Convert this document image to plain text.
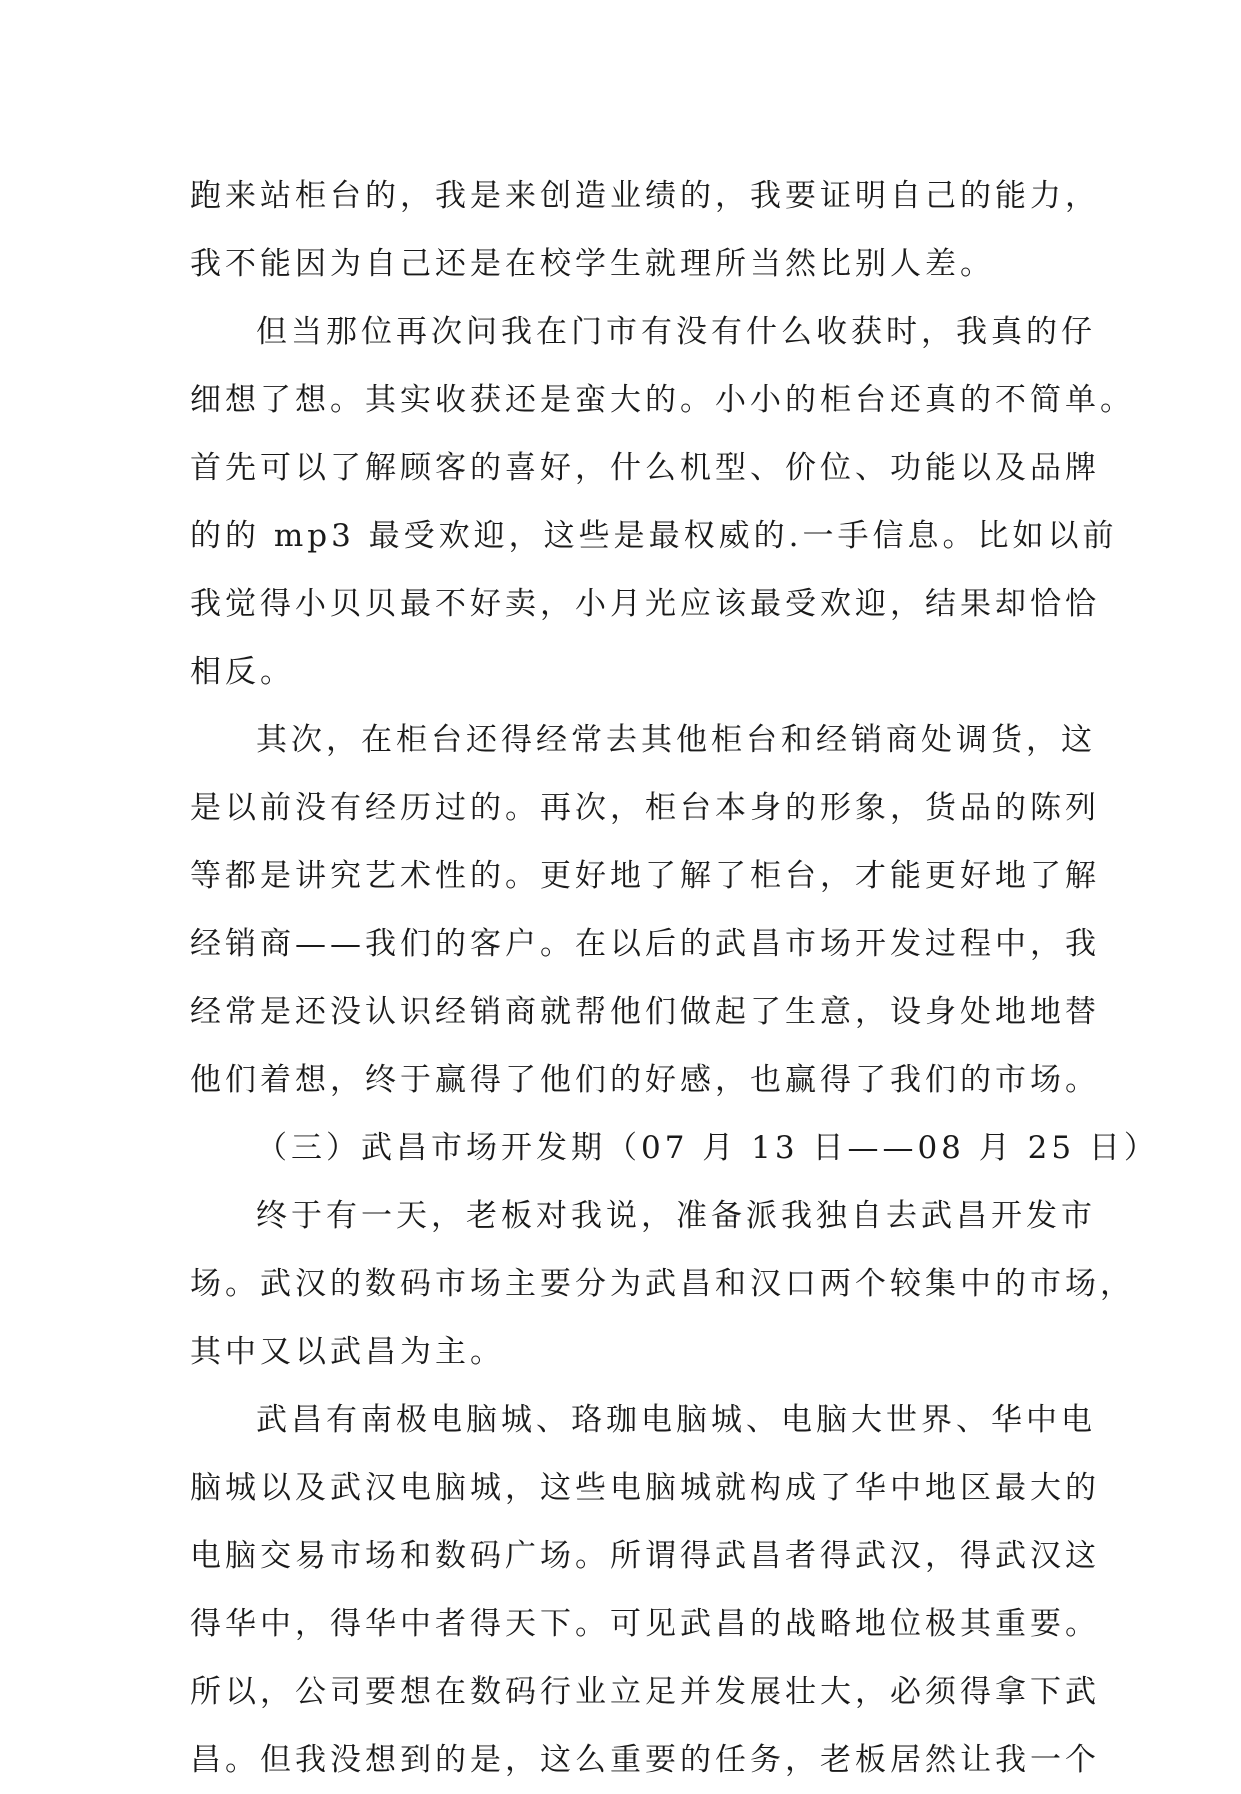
跑来站柜台的，我是来创造业绩的，我要证明自己的能力，
我不能因为自己还是在校学生就理所当然比别人差。
但当那位再次问我在门市有没有什么收获时，我真的仔
细想了想。其实收获还是蛮大的。小小的柜台还真的不简单。
首先可以了解顾客的喜好，什么机型、价位、功能以及品牌
的的 mp3 最受欢迎，这些是最权威的.一手信息。比如以前
我觉得小贝贝最不好卖，小月光应该最受欢迎，结果却恰恰
相反。
其次，在柜台还得经常去其他柜台和经销商处调货，这
是以前没有经历过的。再次，柜台本身的形象，货品的陈列
等都是讲究艺术性的。更好地了解了柜台，才能更好地了解
经销商——我们的客户。在以后的武昌市场开发过程中，我
经常是还没认识经销商就帮他们做起了生意，设身处地地替
他们着想，终于赢得了他们的好感，也赢得了我们的市场。
（三）武昌市场开发期（07 月 13 日——08 月 25 日）
终于有一天，老板对我说，准备派我独自去武昌开发市
场。武汉的数码市场主要分为武昌和汉口两个较集中的市场，
其中又以武昌为主。
武昌有南极电脑城、珞珈电脑城、电脑大世界、华中电
脑城以及武汉电脑城，这些电脑城就构成了华中地区最大的
电脑交易市场和数码广场。所谓得武昌者得武汉，得武汉这
得华中，得华中者得天下。可见武昌的战略地位极其重要。
所以，公司要想在数码行业立足并发展壮大，必须得拿下武
昌。但我没想到的是，这么重要的任务，老板居然让我一个
